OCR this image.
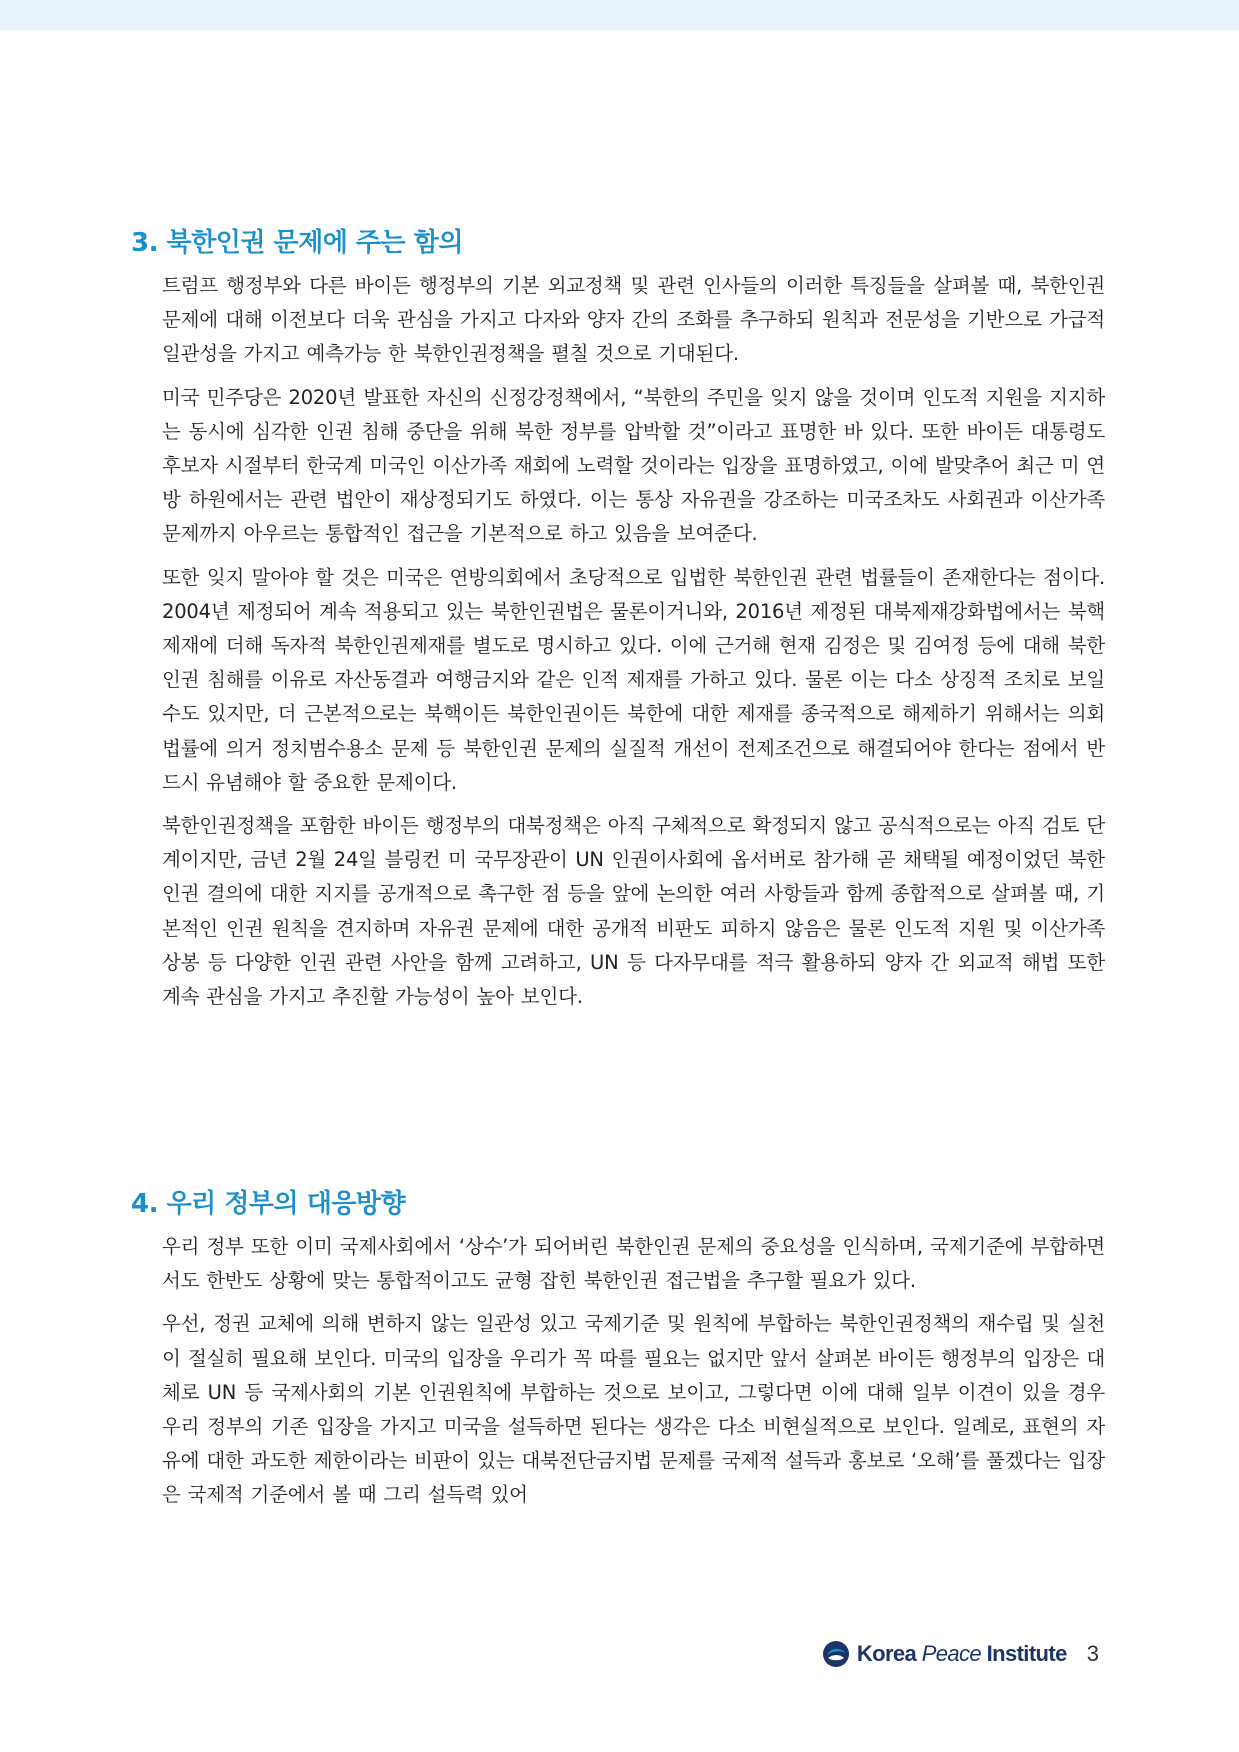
3. 북한인권 문제에 주는 함의

트럼프 행정부와 다른 바이든 행정부의 기본 외교정책 및 관련 인사들의 이러한 특징들을 살펴볼 때, 북한인권 문제에 대해 이전보다 더욱 관심을 가지고 다자와 양자 간의 조화를 추구하되 원칙과 전문성을 기반으로 가급적 일관성을 가지고 예측가능 한 북한인권정책을 펼칠 것으로 기대된다.

미국 민주당은 2020년 발표한 자신의 신정강정책에서, “북한의 주민을 잊지 않을 것이며 인도적 지원을 지지하는 동시에 심각한 인권 침해 중단을 위해 북한 정부를 압박할 것”이라고 표명한 바 있다. 또한 바이든 대통령도 후보자 시절부터 한국계 미국인 이산가족 재회에 노력할 것이라는 입장을 표명하였고, 이에 발맞추어 최근 미 연방 하원에서는 관련 법안이 재상정되기도 하였다. 이는 통상 자유권을 강조하는 미국조차도 사회권과 이산가족 문제까지 아우르는 통합적인 접근을 기본적으로 하고 있음을 보여준다.

또한 잊지 말아야 할 것은 미국은 연방의회에서 초당적으로 입법한 북한인권 관련 법률들이 존재한다는 점이다. 2004년 제정되어 계속 적용되고 있는 북한인권법은 물론이거니와, 2016년 제정된 대북제재강화법에서는 북핵제재에 더해 독자적 북한인권제재를 별도로 명시하고 있다. 이에 근거해 현재 김정은 및 김여정 등에 대해 북한인권 침해를 이유로 자산동결과 여행금지와 같은 인적 제재를 가하고 있다. 물론 이는 다소 상징적 조치로 보일 수도 있지만, 더 근본적으로는 북핵이든 북한인권이든 북한에 대한 제재를 종국적으로 해제하기 위해서는 의회 법률에 의거 정치범수용소 문제 등 북한인권 문제의 실질적 개선이 전제조건으로 해결되어야 한다는 점에서 반드시 유념해야 할 중요한 문제이다.

북한인권정책을 포함한 바이든 행정부의 대북정책은 아직 구체적으로 확정되지 않고 공식적으로는 아직 검토 단계이지만, 금년 2월 24일 블링컨 미 국무장관이 UN 인권이사회에 옵서버로 참가해 곧 채택될 예정이었던 북한인권 결의에 대한 지지를 공개적으로 촉구한 점 등을 앞에 논의한 여러 사항들과 함께 종합적으로 살펴볼 때, 기본적인 인권 원칙을 견지하며 자유권 문제에 대한 공개적 비판도 피하지 않음은 물론 인도적 지원 및 이산가족 상봉 등 다양한 인권 관련 사안을 함께 고려하고, UN 등 다자무대를 적극 활용하되 양자 간 외교적 해법 또한 계속 관심을 가지고 추진할 가능성이 높아 보인다.

4. 우리 정부의 대응방향

우리 정부 또한 이미 국제사회에서 ‘상수’가 되어버린 북한인권 문제의 중요성을 인식하며, 국제기준에 부합하면서도 한반도 상황에 맞는 통합적이고도 균형 잡힌 북한인권 접근법을 추구할 필요가 있다.

우선, 정권 교체에 의해 변하지 않는 일관성 있고 국제기준 및 원칙에 부합하는 북한인권정책의 재수립 및 실천이 절실히 필요해 보인다. 미국의 입장을 우리가 꼭 따를 필요는 없지만 앞서 살펴본 바이든 행정부의 입장은 대체로 UN 등 국제사회의 기본 인권원칙에 부합하는 것으로 보이고, 그렇다면 이에 대해 일부 이견이 있을 경우 우리 정부의 기존 입장을 가지고 미국을 설득하면 된다는 생각은 다소 비현실적으로 보인다. 일례로, 표현의 자유에 대한 과도한 제한이라는 비판이 있는 대북전단금지법 문제를 국제적 설득과 홍보로 ‘오해’를 풀겠다는 입장은 국제적 기준에서 볼 때 그리 설득력 있어

Korea Peace Institute 3
